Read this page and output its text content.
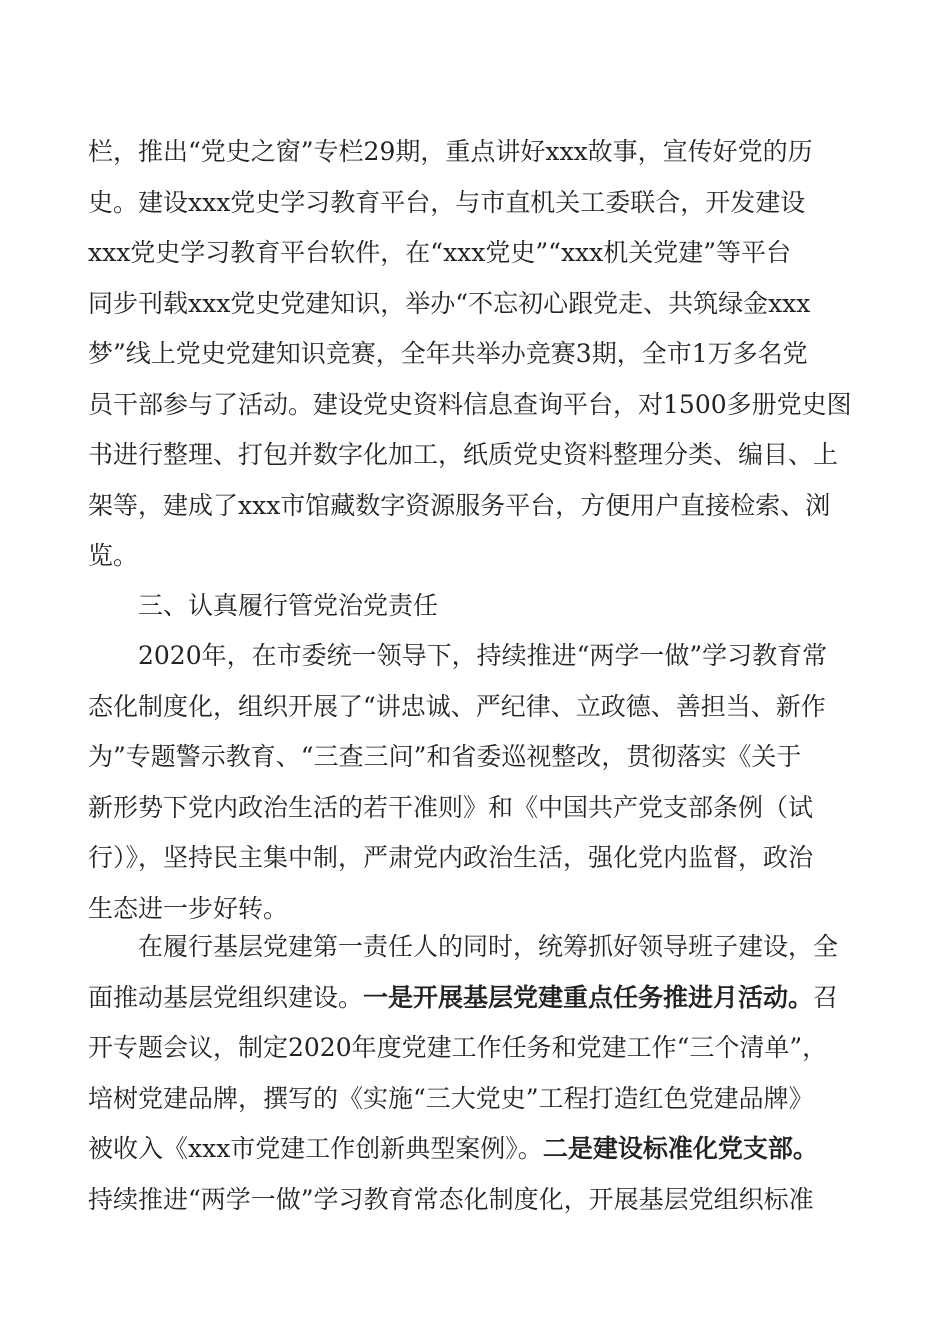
栏，推出“党史之窗”专栏29期，重点讲好xxx故事，宣传好党的历
史。建设xxx党史学习教育平台，与市直机关工委联合，开发建设
xxx党史学习教育平台软件，在“xxx党史”“xxx机关党建”等平台
同步刊载xxx党史党建知识，举办“不忘初心跟党走、共筑绿金xxx
梦”线上党史党建知识竞赛，全年共举办竞赛3期，全市1万多名党
员干部参与了活动。建设党史资料信息查询平台，对1500多册党史图
书进行整理、打包并数字化加工，纸质党史资料整理分类、编目、上
架等，建成了xxx市馆藏数字资源服务平台，方便用户直接检索、浏
览。
三、认真履行管党治党责任
2020年，在市委统一领导下，持续推进“两学一做”学习教育常
态化制度化，组织开展了“讲忠诚、严纪律、立政德、善担当、新作
为”专题警示教育、“三查三问”和省委巡视整改，贯彻落实《关于
新形势下党内政治生活的若干准则》和《中国共产党支部条例（试
行）》，坚持民主集中制，严肃党内政治生活，强化党内监督，政治
生态进一步好转。
在履行基层党建第一责任人的同时，统筹抓好领导班子建设，全
面推动基层党组织建设。一是开展基层党建重点任务推进月活动。召
开专题会议，制定2020年度党建工作任务和党建工作“三个清单”，
培树党建品牌，撰写的《实施“三大党史”工程打造红色党建品牌》
被收入《xxx市党建工作创新典型案例》。二是建设标准化党支部。
持续推进“两学一做”学习教育常态化制度化，开展基层党组织标准
